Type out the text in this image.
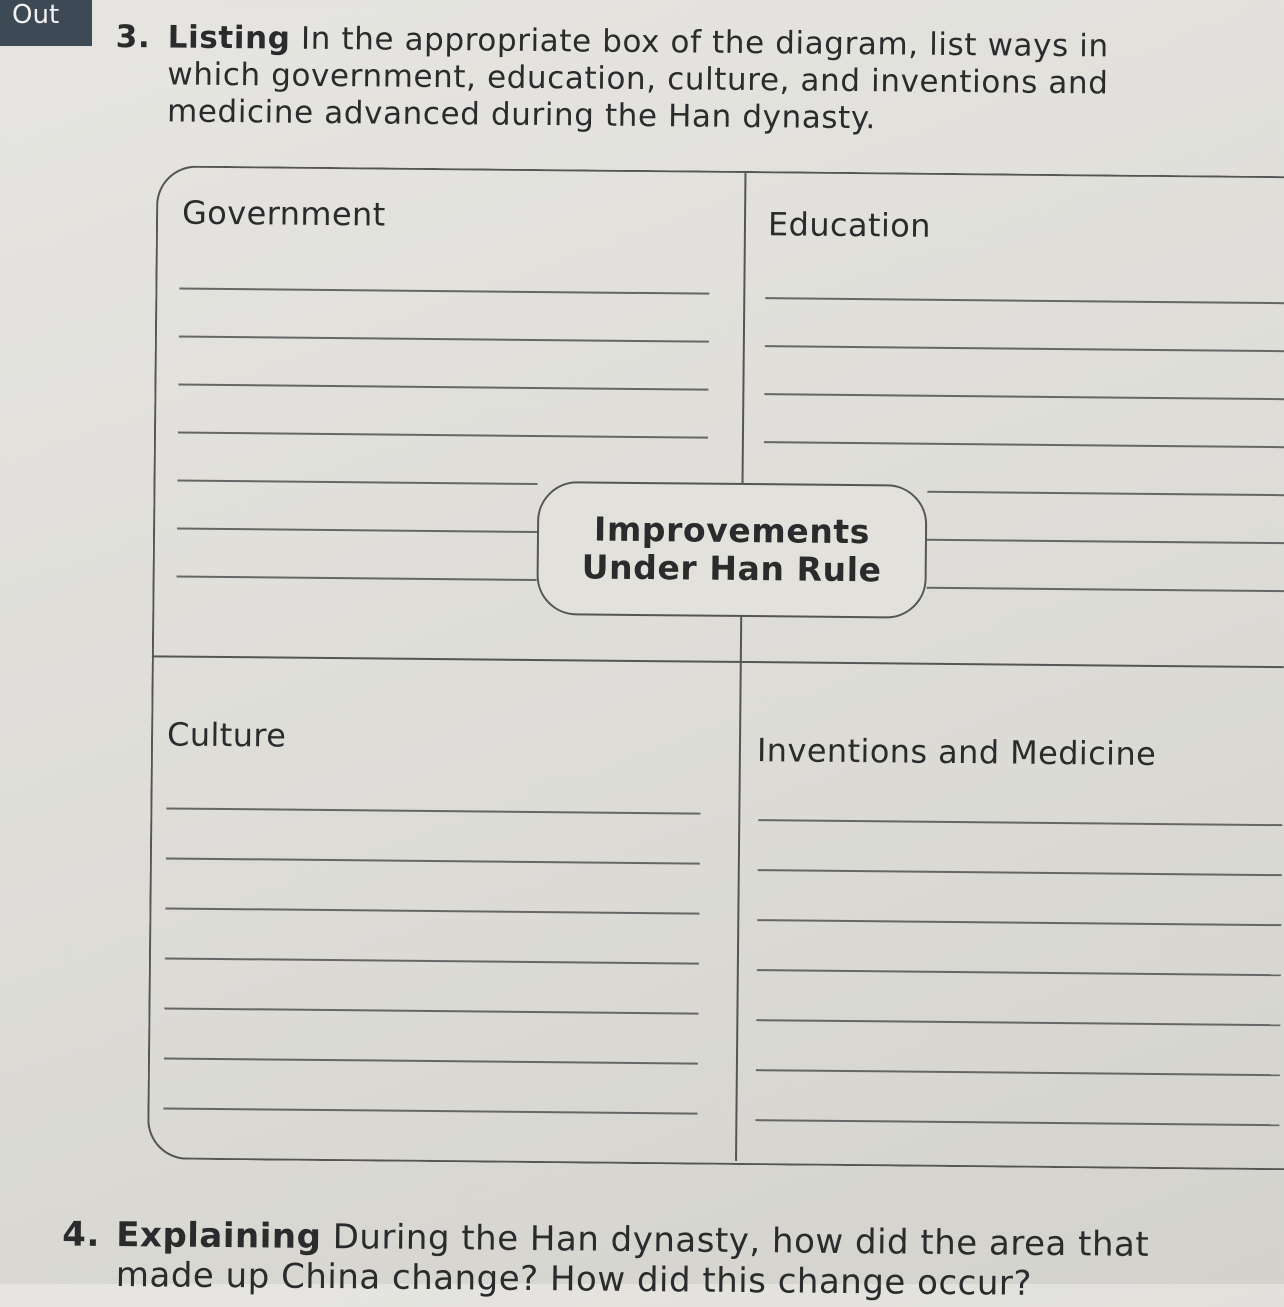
Out
3. Listing In the appropriate box of the diagram, list ways in
which government, education, culture, and inventions and
medicine advanced during the Han dynasty.
Government	Education
Culture	Inventions and Medicine
Improvements
Under Han Rule
4. Explaining During the Han dynasty, how did the area that
made up China change? How did this change occur?
